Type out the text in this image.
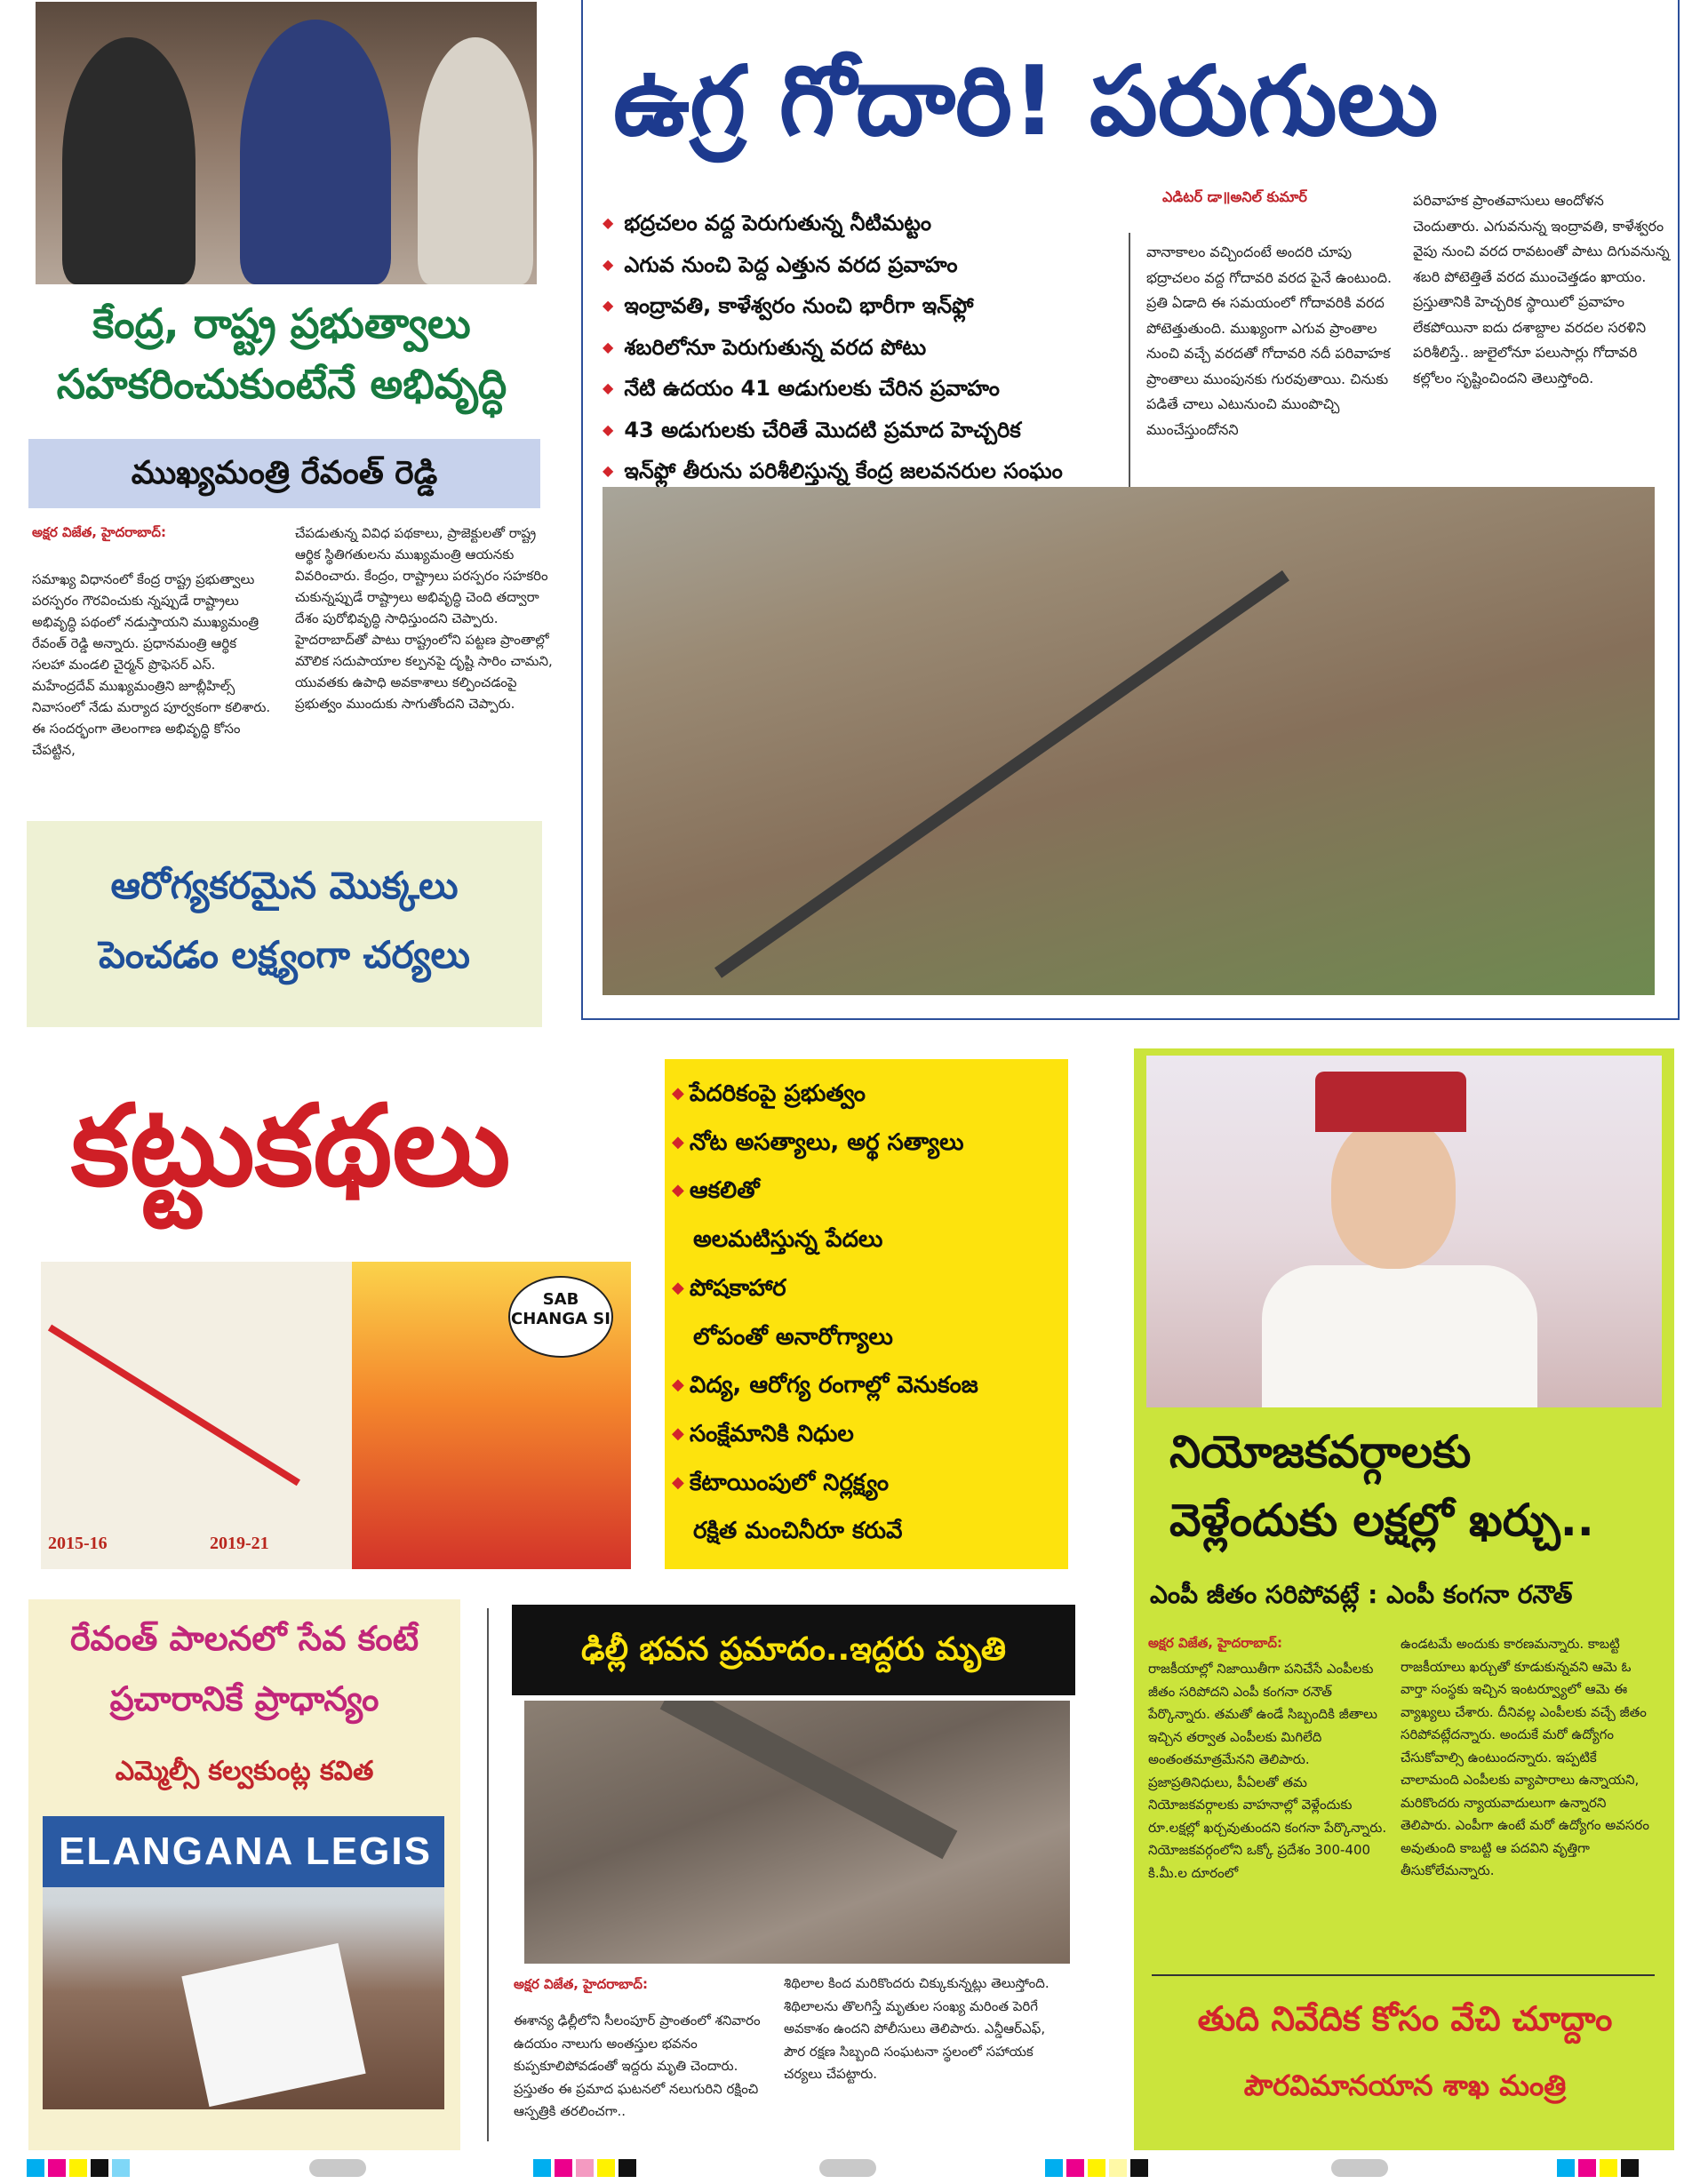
కేంద్ర, రాష్ట్ర ప్రభుత్వాలు
సహకరించుకుంటేనే అభివృద్ధి
ముఖ్యమంత్రి రేవంత్ రెడ్డి
అక్షర విజేత, హైదరాబాద్:
సమాఖ్య విధానంలో కేంద్ర రాష్ట్ర ప్రభుత్వాలు పరస్పరం గౌరవించుకు న్నప్పుడే రాష్ట్రాలు అభివృద్ధి పథంలో నడుస్తాయని ముఖ్యమంత్రి రేవంత్ రెడ్డి అన్నారు. ప్రధానమంత్రి ఆర్థిక సలహా మండలి చైర్మన్ ప్రొఫెసర్ ఎస్. మహేంద్రదేవ్ ముఖ్యమంత్రిని జూబ్లీహిల్స్ నివాసంలో నేడు మర్యాద పూర్వకంగా కలిశారు. ఈ సందర్భంగా తెలంగాణ అభివృద్ధి కోసం చేపట్టిన,
చేపడుతున్న వివిధ పథకాలు, ప్రాజెక్టులతో రాష్ట్ర ఆర్థిక స్థితిగతులను ముఖ్యమంత్రి ఆయనకు వివరించారు. కేంద్రం, రాష్ట్రాలు పరస్పరం సహకరిం చుకున్నప్పుడే రాష్ట్రాలు అభివృద్ధి చెంది తద్వారా దేశం పురోభివృద్ధి సాధిస్తుందని చెప్పారు. హైదరాబాద్‌తో పాటు రాష్ట్రంలోని పట్టణ ప్రాంతాల్లో మౌలిక సదుపాయాల కల్పనపై దృష్టి సారిం చామని, యువతకు ఉపాధి అవకాశాలు కల్పించడంపై ప్రభుత్వం ముందుకు సాగుతోందని చెప్పారు.
ఆరోగ్యకరమైన మొక్కలు
పెంచడం లక్ష్యంగా చర్యలు
ఉగ్ర గోదారి! పరుగులు
◆ భద్రచలం వద్ద పెరుగుతున్న నీటిమట్టం
◆ ఎగువ నుంచి పెద్ద ఎత్తున వరద ప్రవాహం
◆ ఇంద్రావతి, కాళేశ్వరం నుంచి భారీగా ఇన్‌ఫ్లో
◆ శబరిలోనూ పెరుగుతున్న వరద పోటు
◆ నేటి ఉదయం 41 అడుగులకు చేరిన ప్రవాహం
◆ 43 అడుగులకు చేరితే మొదటి ప్రమాద హెచ్చరిక
◆ ఇన్‌ఫ్లో తీరును పరిశీలిస్తున్న కేంద్ర జలవనరుల సంఘం
ఎడిటర్ డా॥అనిల్ కుమార్
వానాకాలం వచ్చిందంటే అందరి చూపు భద్రాచలం వద్ద గోదావరి వరద పైనే ఉంటుంది. ప్రతి ఏడాది ఈ సమయంలో గోదావరికి వరద పోటెత్తుతుంది. ముఖ్యంగా ఎగువ ప్రాంతాల నుంచి వచ్చే వరదతో గోదావరి నదీ పరివాహక ప్రాంతాలు ముంపునకు గురవుతాయి. చినుకు పడితే చాలు ఎటునుంచి ముంపొచ్చి ముంచేస్తుందోనని
పరివాహక ప్రాంతవాసులు ఆందోళన చెందుతారు. ఎగువనున్న ఇంద్రావతి, కాళేశ్వరం వైపు నుంచి వరద రావటంతో పాటు దిగువనున్న శబరి పోటెత్తితే వరద ముంచెత్తడం ఖాయం. ప్రస్తుతానికి హెచ్చరిక స్థాయిలో ప్రవాహం లేకపోయినా ఐదు దశాబ్దాల వరదల సరళిని పరిశీలిస్తే.. జులైలోనూ పలుసార్లు గోదావరి కల్లోలం సృష్టించిందని తెలుస్తోంది.
కట్టుకథలు
2015-16	2019-21
SAB CHANGA SI
◆ పేదరికంపై ప్రభుత్వం
◆ నోట అసత్యాలు, అర్థ సత్యాలు
◆ ఆకలితో
అలమటిస్తున్న పేదలు
◆ పోషకాహార
లోపంతో అనారోగ్యాలు
◆ విద్య, ఆరోగ్య రంగాల్లో వెనుకంజ
◆ సంక్షేమానికి నిధుల
◆ కేటాయింపులో నిర్లక్ష్యం
రక్షిత మంచినీరూ కరువే
నియోజకవర్గాలకు
వెళ్లేందుకు లక్షల్లో ఖర్చు..
ఎంపీ జీతం సరిపోవట్లే : ఎంపీ కంగనా రనౌత్
అక్షర విజేత, హైదరాబాద్:
రాజకీయాల్లో నిజాయితీగా పనిచేసే ఎంపీలకు జీతం సరిపోదని ఎంపీ కంగనా రనౌత్ పేర్కొన్నారు. తమతో ఉండే సిబ్బందికి జీతాలు ఇచ్చిన తర్వాత ఎంపీలకు మిగిలేది అంతంతమాత్రమేనని తెలిపారు. ప్రజాప్రతినిధులు, పీఏలతో తమ నియోజకవర్గాలకు వాహనాల్లో వెళ్లేందుకు రూ.లక్షల్లో ఖర్చవుతుందని కంగనా పేర్కొన్నారు. నియోజకవర్గంలోని ఒక్కో ప్రదేశం 300-400 కి.మీ.ల దూరంలో
ఉండటమే అందుకు కారణమన్నారు. కాబట్టి రాజకీయాలు ఖర్చుతో కూడుకున్నవని ఆమె ఓ వార్తా సంస్థకు ఇచ్చిన ఇంటర్వ్యూలో ఆమె ఈ వ్యాఖ్యలు చేశారు. దీనివల్ల ఎంపీలకు వచ్చే జీతం సరిపోవట్లేదన్నారు. అందుకే మరో ఉద్యోగం చేసుకోవాల్సి ఉంటుందన్నారు. ఇప్పటికే చాలామంది ఎంపీలకు వ్యాపారాలు ఉన్నాయని, మరికొందరు న్యాయవాదులుగా ఉన్నారని తెలిపారు. ఎంపీగా ఉంటే మరో ఉద్యోగం అవసరం అవుతుంది కాబట్టి ఆ పదవిని వృత్తిగా తీసుకోలేమన్నారు.
తుది నివేదిక కోసం వేచి చూద్దాం
పౌరవిమానయాన శాఖ మంత్రి
రేవంత్ పాలనలో సేవ కంటే
ప్రచారానికే ప్రాధాన్యం
ఎమ్మెల్సీ కల్వకుంట్ల కవిత
ELANGANA LEGIS
ఢిల్లీ భవన ప్రమాదం..ఇద్దరు మృతి
అక్షర విజేత, హైదరాబాద్:
ఈశాన్య ఢిల్లీలోని సీలంపూర్ ప్రాంతంలో శనివారం ఉదయం నాలుగు అంతస్తుల భవనం కుప్పకూలిపోవడంతో ఇద్దరు మృతి చెందారు. ప్రస్తుతం ఈ ప్రమాద ఘటనలో నలుగురిని రక్షించి ఆస్పత్రికి తరలించగా..
శిథిలాల కింద మరికొందరు చిక్కుకున్నట్లు తెలుస్తోంది. శిథిలాలను తొలగిస్తే మృతుల సంఖ్య మరింత పెరిగే అవకాశం ఉందని పోలీసులు తెలిపారు. ఎన్డీఆర్ఎఫ్, పౌర రక్షణ సిబ్బంది సంఘటనా స్థలంలో సహాయక చర్యలు చేపట్టారు.
